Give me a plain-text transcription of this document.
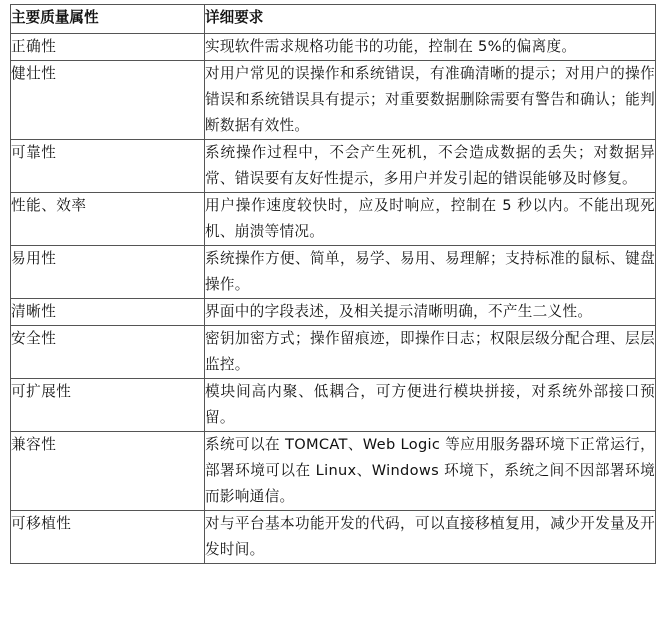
主要质量属性	详细要求
正确性	实现软件需求规格功能书的功能，控制在 5%的偏离度。
健壮性	对用户常见的误操作和系统错误，有准确清晰的提示；对用户的操作错误和系统错误具有提示；对重要数据删除需要有警告和确认；能判断数据有效性。
可靠性	系统操作过程中，不会产生死机，不会造成数据的丢失；对数据异常、错误要有友好性提示，多用户并发引起的错误能够及时修复。
性能、效率	用户操作速度较快时，应及时响应，控制在 5 秒以内。不能出现死机、崩溃等情况。
易用性	系统操作方便、简单，易学、易用、易理解；支持标准的鼠标、键盘操作。
清晰性	界面中的字段表述，及相关提示清晰明确，不产生二义性。
安全性	密钥加密方式；操作留痕迹，即操作日志；权限层级分配合理、层层监控。
可扩展性	模块间高内聚、低耦合，可方便进行模块拼接，对系统外部接口预留。
兼容性	系统可以在 TOMCAT、Web Logic 等应用服务器环境下正常运行，部署环境可以在 Linux、Windows 环境下，系统之间不因部署环境而影响通信。
可移植性	对与平台基本功能开发的代码，可以直接移植复用，减少开发量及开发时间。
